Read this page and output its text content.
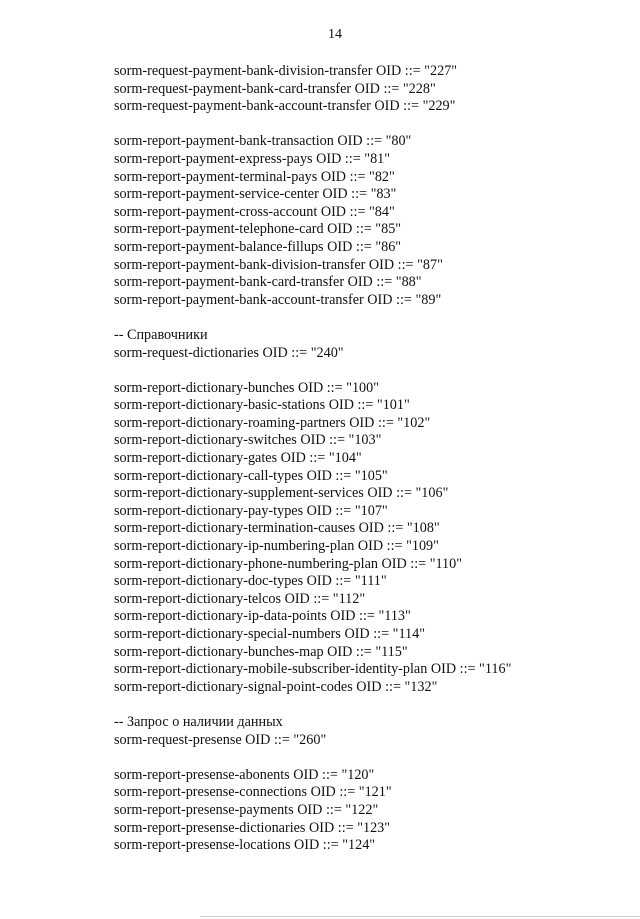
14
sorm-request-payment-bank-division-transfer OID ::= "227"
sorm-request-payment-bank-card-transfer OID ::= "228"
sorm-request-payment-bank-account-transfer OID ::= "229"
sorm-report-payment-bank-transaction OID ::= "80"
sorm-report-payment-express-pays OID ::= "81"
sorm-report-payment-terminal-pays OID ::= "82"
sorm-report-payment-service-center OID ::= "83"
sorm-report-payment-cross-account OID ::= "84"
sorm-report-payment-telephone-card OID ::= "85"
sorm-report-payment-balance-fillups OID ::= "86"
sorm-report-payment-bank-division-transfer OID ::= "87"
sorm-report-payment-bank-card-transfer OID ::= "88"
sorm-report-payment-bank-account-transfer OID ::= "89"
-- Справочники
sorm-request-dictionaries OID ::= "240"
sorm-report-dictionary-bunches OID ::= "100"
sorm-report-dictionary-basic-stations OID ::= "101"
sorm-report-dictionary-roaming-partners OID ::= "102"
sorm-report-dictionary-switches OID ::= "103"
sorm-report-dictionary-gates OID ::= "104"
sorm-report-dictionary-call-types OID ::= "105"
sorm-report-dictionary-supplement-services OID ::= "106"
sorm-report-dictionary-pay-types OID ::= "107"
sorm-report-dictionary-termination-causes OID ::= "108"
sorm-report-dictionary-ip-numbering-plan OID ::= "109"
sorm-report-dictionary-phone-numbering-plan OID ::= "110"
sorm-report-dictionary-doc-types OID ::= "111"
sorm-report-dictionary-telcos OID ::= "112"
sorm-report-dictionary-ip-data-points OID ::= "113"
sorm-report-dictionary-special-numbers OID ::= "114"
sorm-report-dictionary-bunches-map OID ::= "115"
sorm-report-dictionary-mobile-subscriber-identity-plan OID ::= "116"
sorm-report-dictionary-signal-point-codes OID ::= "132"
-- Запрос о наличии данных
sorm-request-presense OID ::= "260"
sorm-report-presense-abonents OID ::= "120"
sorm-report-presense-connections OID ::= "121"
sorm-report-presense-payments OID ::= "122"
sorm-report-presense-dictionaries OID ::= "123"
sorm-report-presense-locations OID ::= "124"
